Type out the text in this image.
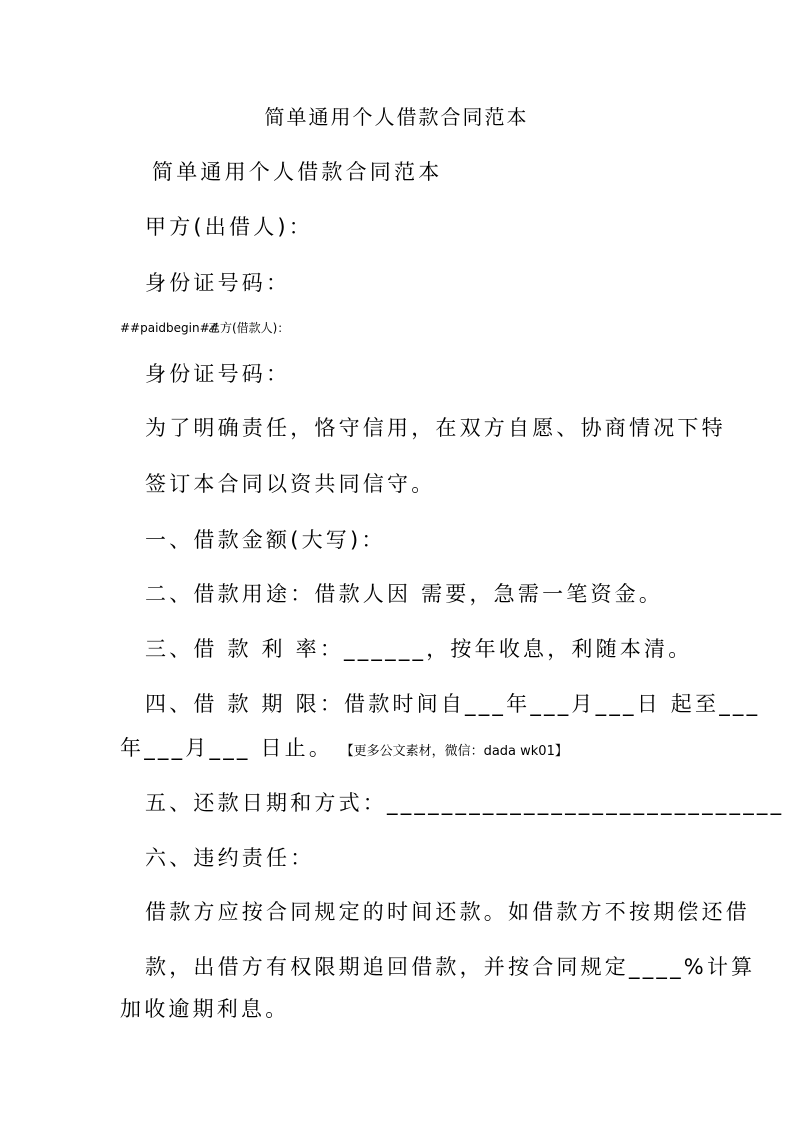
简单通用个人借款合同范本
简单通用个人借款合同范本
甲方(出借人)：
身份证号码：
##paidbegin##
乙方(借款人)：
身份证号码：
为了明确责任，恪守信用，在双方自愿、协商情况下特
签订本合同以资共同信守。
一、借款金额(大写)：
二、借款用途：借款人因 需要，急需一笔资金。
三、借 款 利 率：______，按年收息，利随本清。
四、借 款 期 限：借款时间自___年___月___日 起至___
年___月___ 日止。 【更多公文素材，微信：dada wk01】
五、还款日期和方式：_____________________________
六、违约责任：
借款方应按合同规定的时间还款。如借款方不按期偿还借
款，出借方有权限期追回借款，并按合同规定____%计算
加收逾期利息。
